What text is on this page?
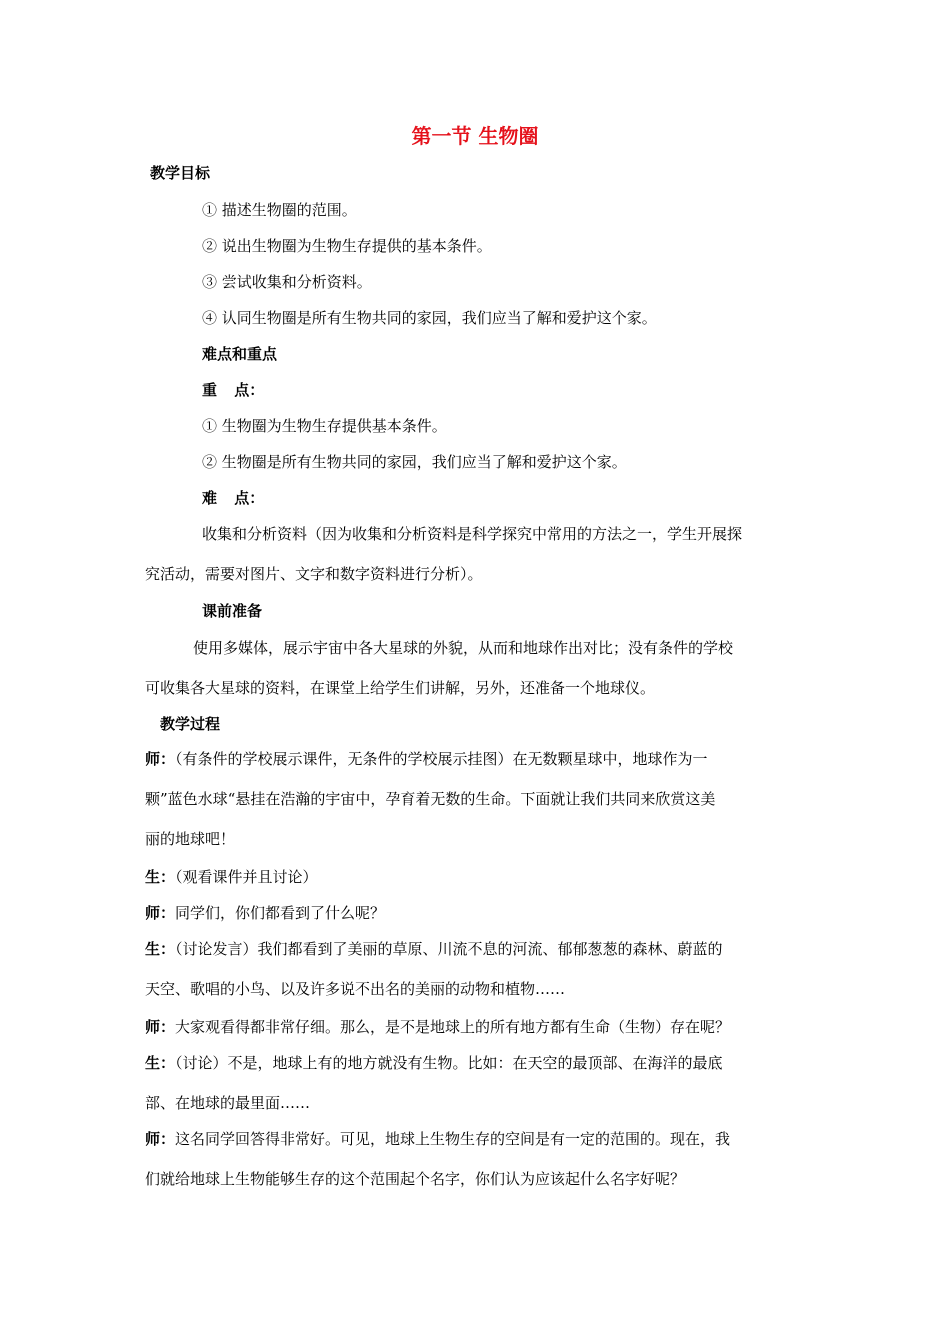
第一节 生物圈
教学目标
① 描述生物圈的范围。
② 说出生物圈为生物生存提供的基本条件。
③ 尝试收集和分析资料。
④ 认同生物圈是所有生物共同的家园，我们应当了解和爱护这个家。
难点和重点
重 点：
① 生物圈为生物生存提供基本条件。
② 生物圈是所有生物共同的家园，我们应当了解和爱护这个家。
难 点：
收集和分析资料（因为收集和分析资料是科学探究中常用的方法之一，学生开展探
究活动，需要对图片、文字和数字资料进行分析）。
课前准备
使用多媒体，展示宇宙中各大星球的外貌，从而和地球作出对比；没有条件的学校
可收集各大星球的资料，在课堂上给学生们讲解，另外，还准备一个地球仪。
教学过程
师：（有条件的学校展示课件，无条件的学校展示挂图）在无数颗星球中，地球作为一
颗”蓝色水球“悬挂在浩瀚的宇宙中，孕育着无数的生命。下面就让我们共同来欣赏这美
丽的地球吧！
生：（观看课件并且讨论）
师：同学们，你们都看到了什么呢？
生：（讨论发言）我们都看到了美丽的草原、川流不息的河流、郁郁葱葱的森林、蔚蓝的
天空、歌唱的小鸟、以及许多说不出名的美丽的动物和植物……
师：大家观看得都非常仔细。那么，是不是地球上的所有地方都有生命（生物）存在呢？
生：（讨论）不是，地球上有的地方就没有生物。比如：在天空的最顶部、在海洋的最底
部、在地球的最里面……
师：这名同学回答得非常好。可见，地球上生物生存的空间是有一定的范围的。现在，我
们就给地球上生物能够生存的这个范围起个名字，你们认为应该起什么名字好呢？
